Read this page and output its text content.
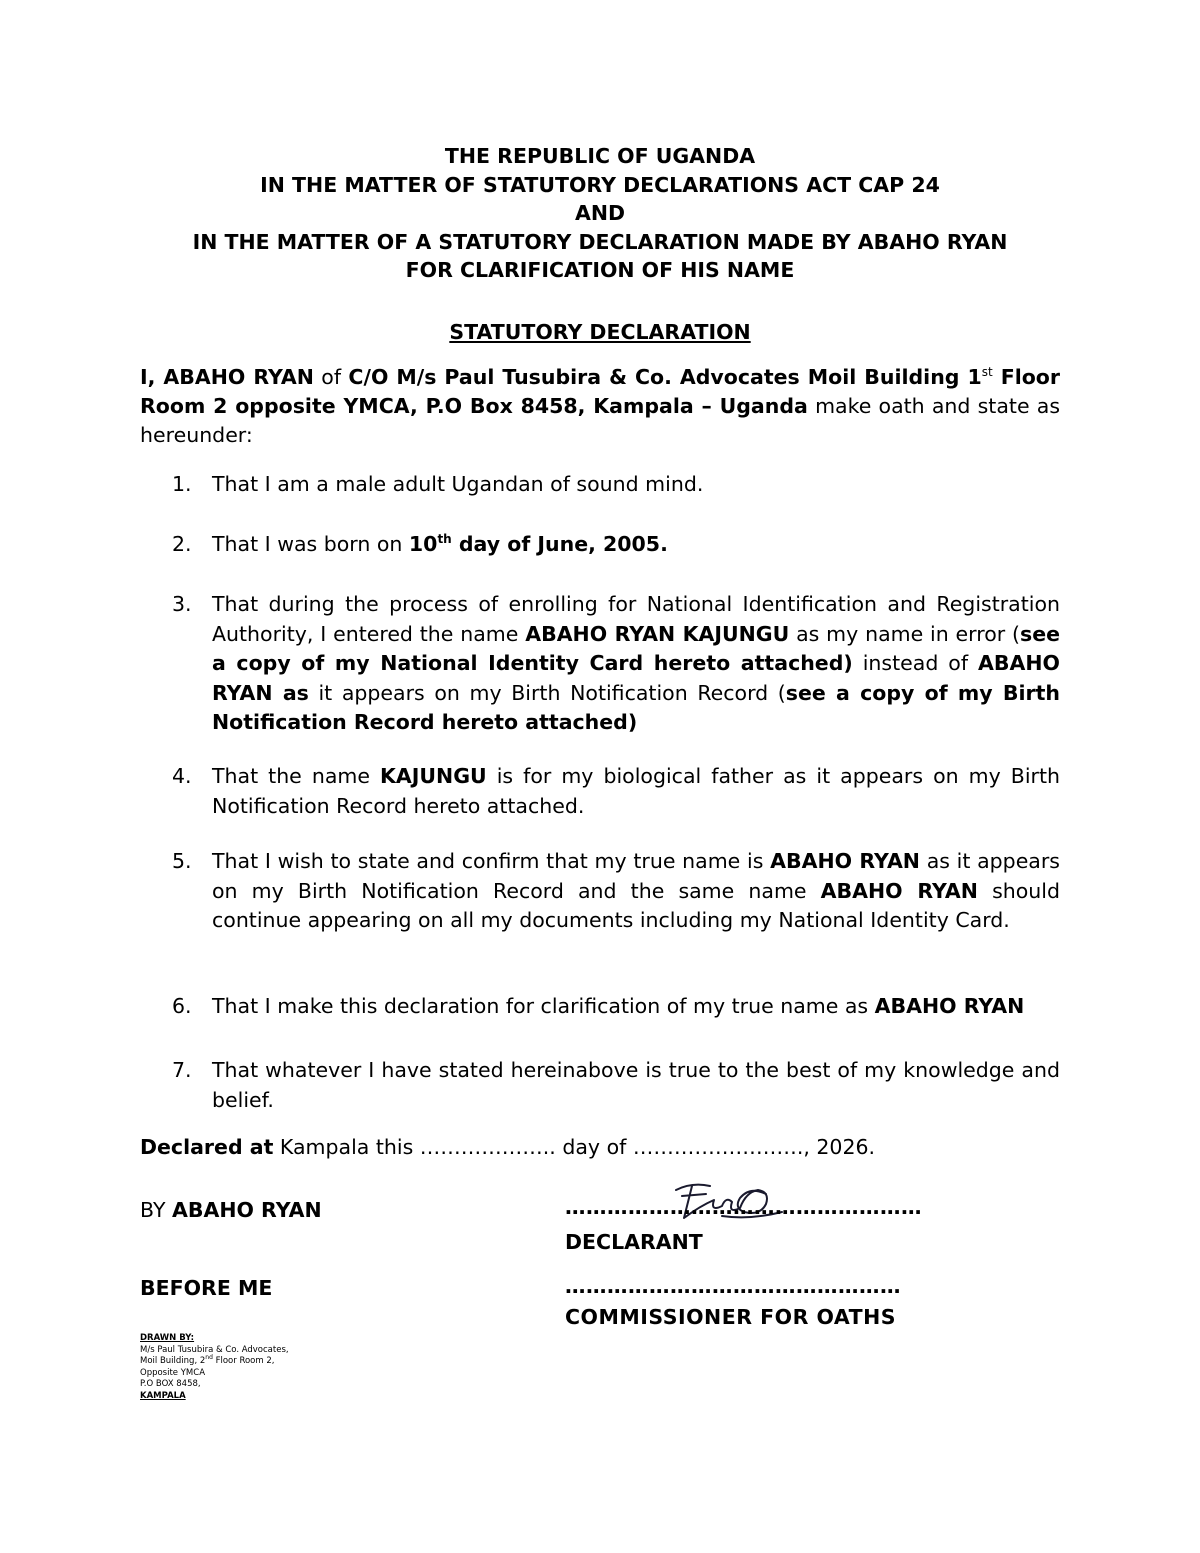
THE REPUBLIC OF UGANDA
IN THE MATTER OF STATUTORY DECLARATIONS ACT CAP 24
AND
IN THE MATTER OF A STATUTORY DECLARATION MADE BY ABAHO RYAN
FOR CLARIFICATION OF HIS NAME
STATUTORY DECLARATION
I, ABAHO RYAN of C/O M/s Paul Tusubira & Co. Advocates Moil Building 1st Floor Room 2 opposite YMCA, P.O Box 8458, Kampala – Uganda make oath and state as hereunder:
1. That I am a male adult Ugandan of sound mind.
2. That I was born on 10th day of June, 2005.
3. That during the process of enrolling for National Identification and Registration Authority, I entered the name ABAHO RYAN KAJUNGU as my name in error (see a copy of my National Identity Card hereto attached) instead of ABAHO RYAN as it appears on my Birth Notification Record (see a copy of my Birth Notification Record hereto attached)
4. That the name KAJUNGU is for my biological father as it appears on my Birth Notification Record hereto attached.
5. That I wish to state and confirm that my true name is ABAHO RYAN as it appears on my Birth Notification Record and the same name ABAHO RYAN should continue appearing on all my documents including my National Identity Card.
6. That I make this declaration for clarification of my true name as ABAHO RYAN
7. That whatever I have stated hereinabove is true to the best of my knowledge and belief.
Declared at Kampala this ……………….. day of ……………………., 2026.
BY ABAHO RYAN
BEFORE ME
……………………………………………
DECLARANT
…………………………………………
COMMISSIONER FOR OATHS
DRAWN BY:
M/s Paul Tusubira & Co. Advocates,
Moil Building, 2nd Floor Room 2,
Opposite YMCA
P.O BOX 8458,
KAMPALA
